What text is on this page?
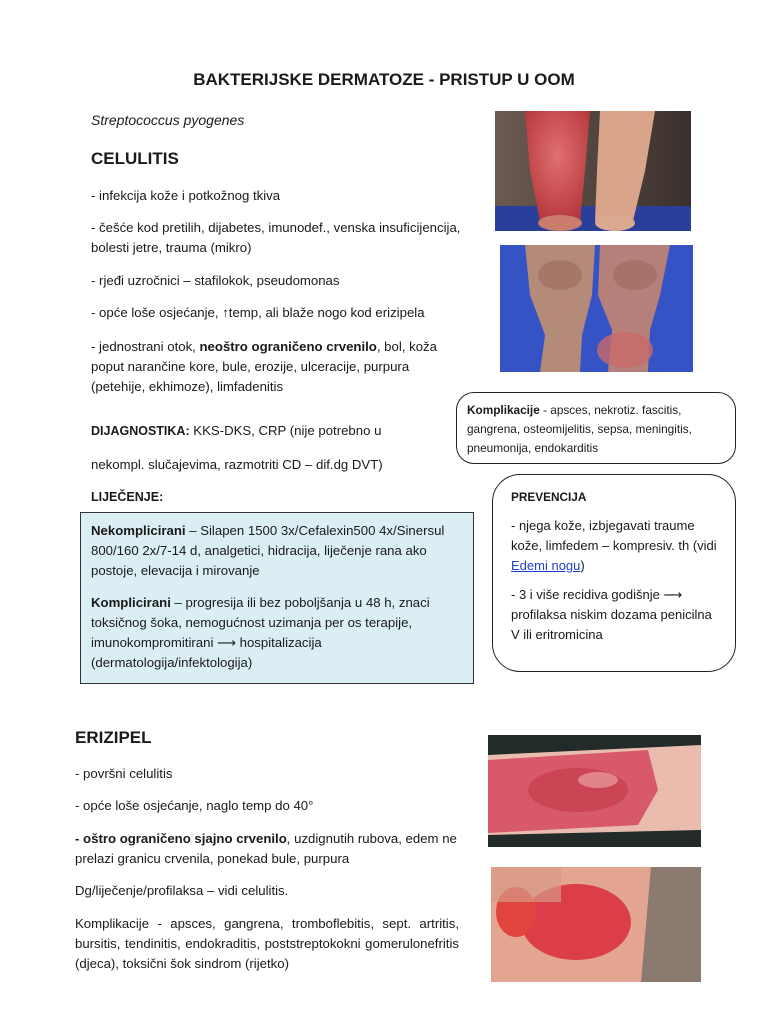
BAKTERIJSKE DERMATOZE - PRISTUP U OOM
Streptococcus pyogenes
CELULITIS
- infekcija kože i potkožnog tkiva
- češće kod pretilih, dijabetes, imunodef., venska insuficijencija, bolesti jetre, trauma (mikro)
- rjeđi uzročnici – stafilokok, pseudomonas
- opće loše osjećanje, ↑temp, ali blaže nogo kod erizipela
- jednostrani otok, neoštro ograničeno crvenilo, bol, koža poput narančine kore, bule, erozije, ulceracije, purpura (petehije, ekhimoze), limfadenitis
DIJAGNOSTIKA: KKS-DKS, CRP (nije potrebno u
nekompl. slučajevima, razmotriti CD – dif.dg DVT)
LIJEČENJE:
Nekomplicirani – Silapen 1500 3x/Cefalexin500 4x/Sinersul 800/160 2x/7-14 d, analgetici, hidracija, liječenje rana ako postoje, elevacija i mirovanje
Komplicirani – progresija ili bez poboljšanja u 48 h, znaci toksičnog šoka, nemogućnost uzimanja per os terapije, imunokompromitirani ⟶ hospitalizacija (dermatologija/infektologija)
Komplikacije - apsces, nekrotiz. fascitis, gangrena, osteomijelitis, sepsa, meningitis, pneumonija, endokarditis
PREVENCIJA
- njega kože, izbjegavati traume kože, limfedem – kompresiv. th (vidi Edemi nogu)
- 3 i više recidiva godišnje ⟶ profilaksa niskim dozama penicilna V ili eritromicina
ERIZIPEL
- površni celulitis
- opće loše osjećanje, naglo temp do 40°
- oštro ograničeno sjajno crvenilo, uzdignutih rubova, edem ne prelazi granicu crvenila, ponekad bule, purpura
Dg/liječenje/profilaksa – vidi celulitis.
Komplikacije - apsces, gangrena, tromboflebitis, sept. artritis, bursitis, tendinitis, endokraditis, poststreptokokni gomerulonefritis (djeca), toksični šok sindrom (rijetko)
